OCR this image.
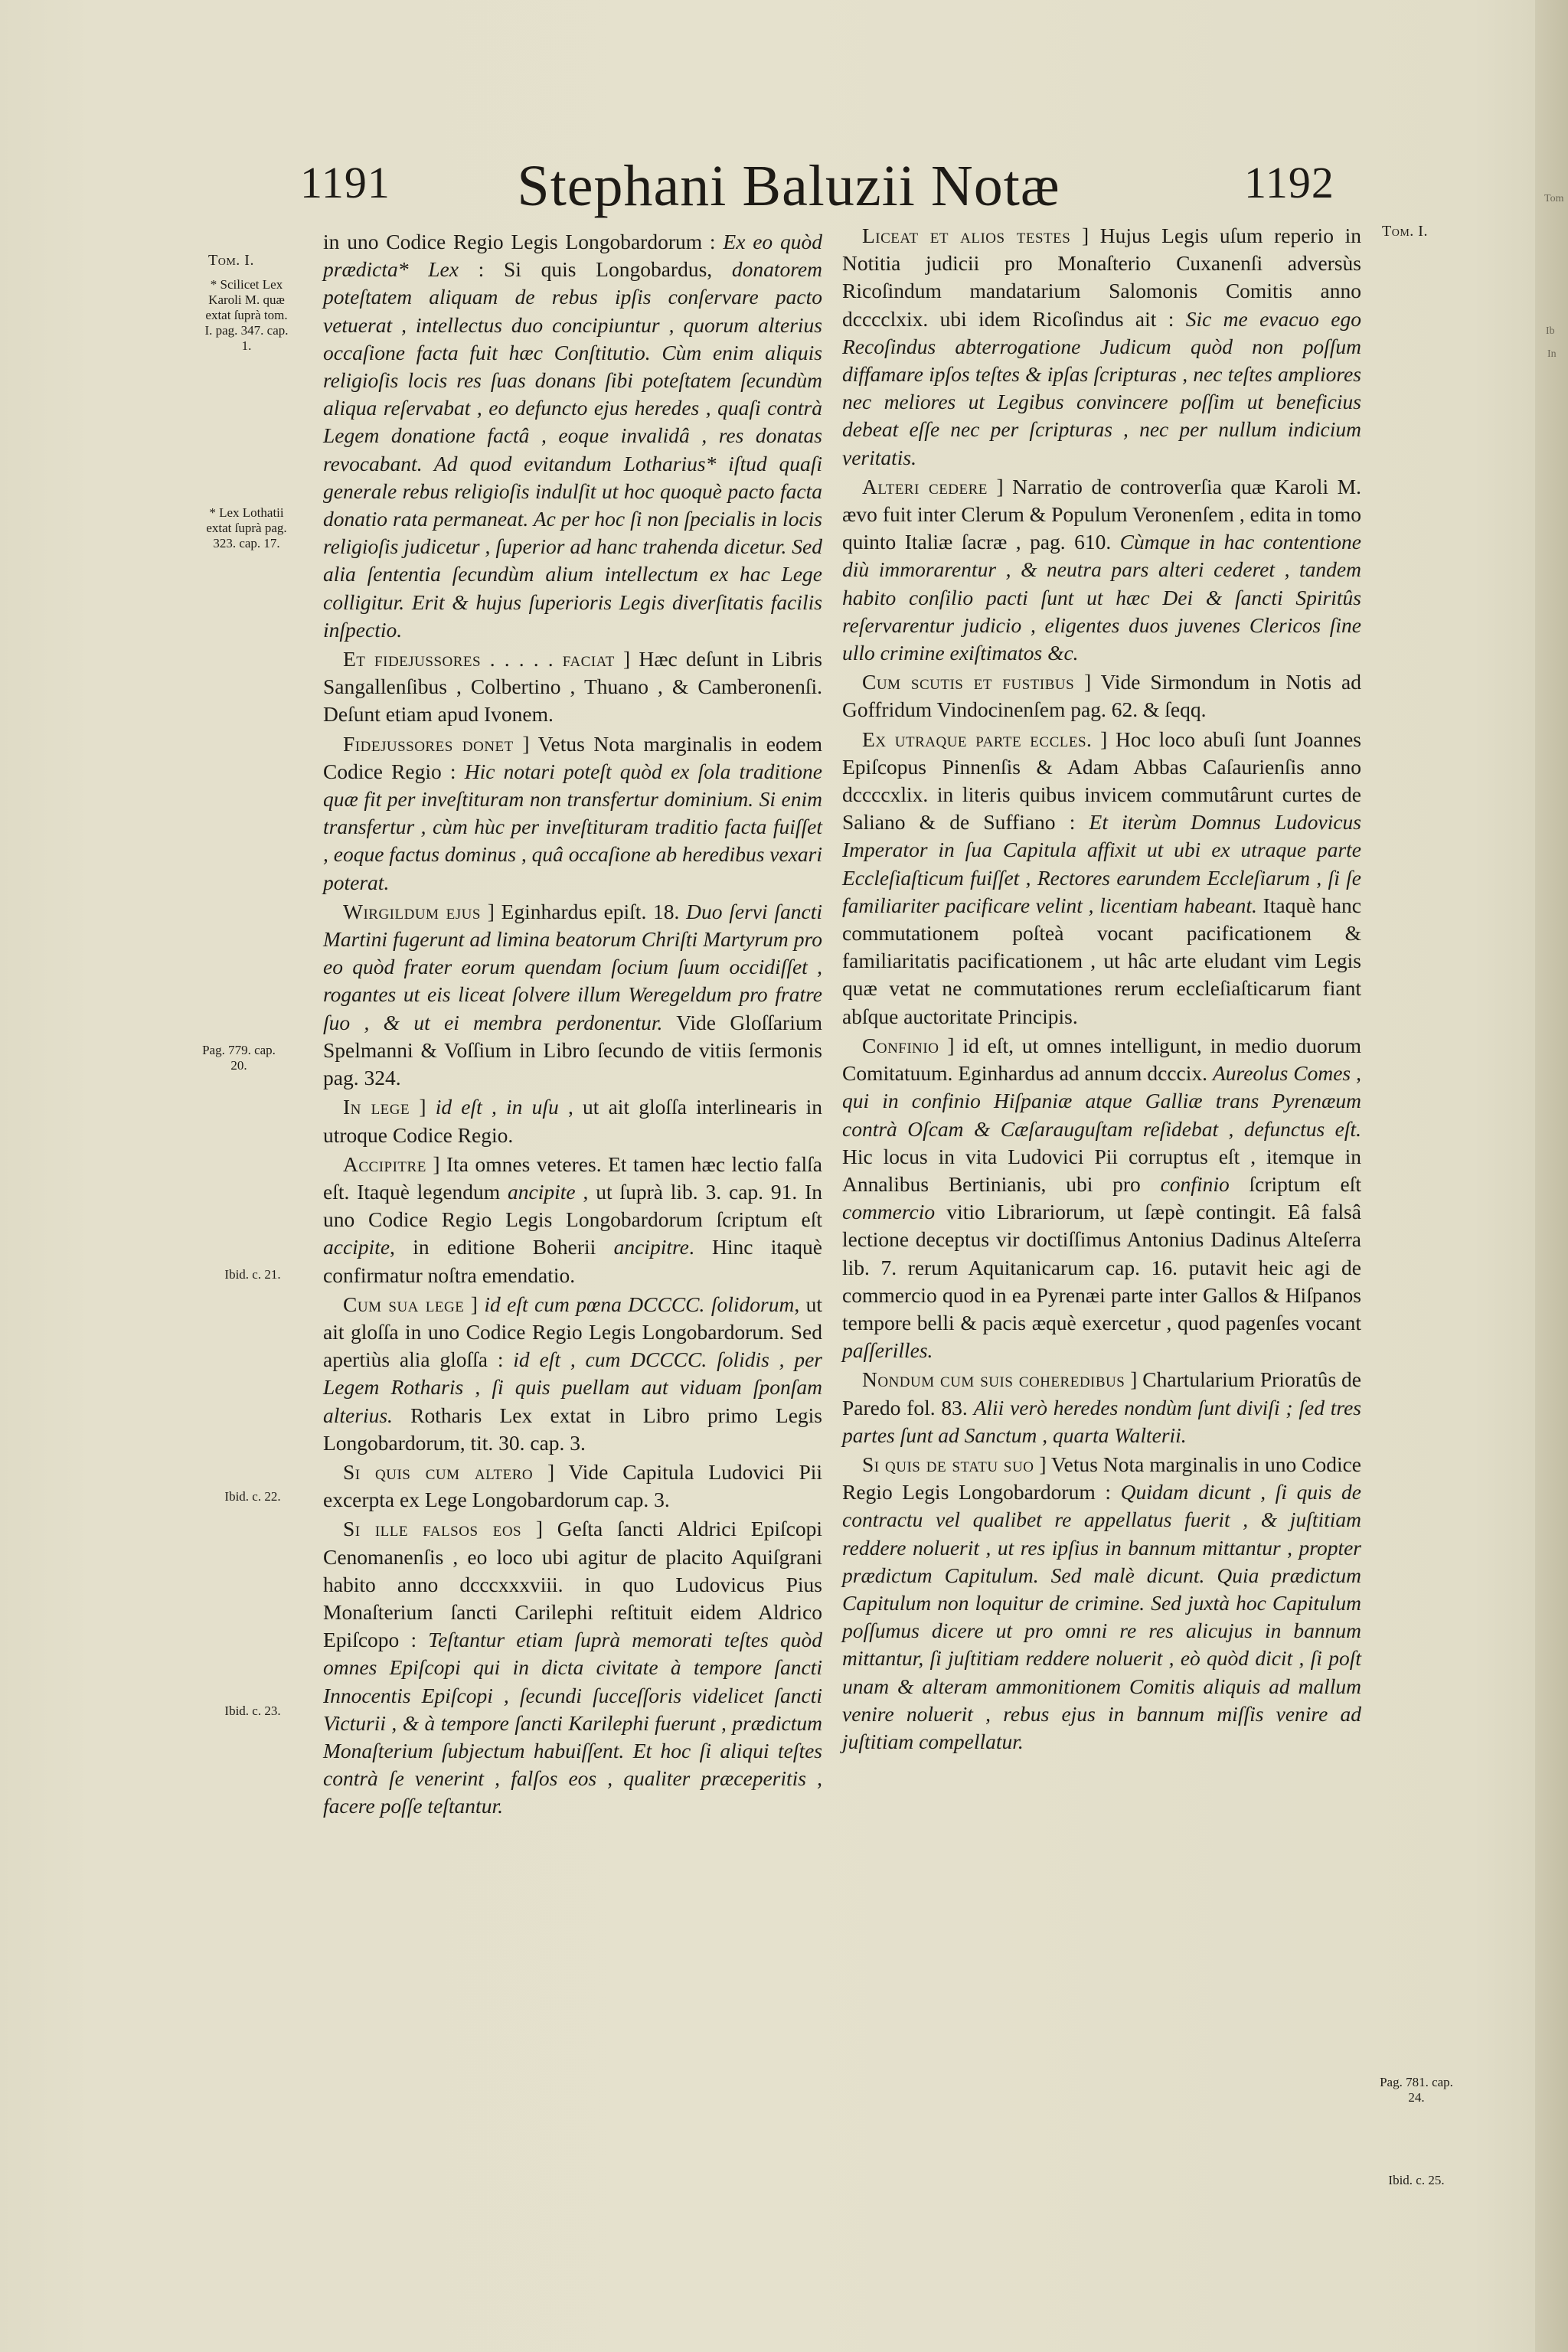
Tom
Ib
In
1191	Stephani Baluzii Notæ	1192
Tom. I.
* Scilicet Lex Karoli M. quæ extat ſuprà tom. I. pag. 347. cap. 1.
* Lex Lothatii extat ſuprà pag. 323. cap. 17.
Pag. 779. cap. 20.
Ibid. c. 21.
Ibid. c. 22.
Ibid. c. 23.
Tom. I.
Pag. 781. cap. 24.
Ibid. c. 25.

in uno Codice Regio Legis Longobardorum : Ex eo quòd prædicta* Lex : Si quis Longobardus, donatorem poteſtatem aliquam de rebus ipſis conſervare pacto vetuerat , intellectus duo concipiuntur , quorum alterius occaſione facta fuit hæc Conſtitutio. Cùm enim aliquis religioſis locis res ſuas donans ſibi poteſtatem ſecundùm aliqua reſervabat , eo defuncto ejus heredes , quaſi contrà Legem donatione factâ , eoque invalidâ , res donatas revocabant. Ad quod evitandum Lotharius* iſtud quaſi generale rebus religioſis indulſit ut hoc quoquè pacto facta donatio rata permaneat. Ac per hoc ſi non ſpecialis in locis religioſis judicetur , ſuperior ad hanc trahenda dicetur. Sed alia ſententia ſecundùm alium intellectum ex hac Lege colligitur. Erit & hujus ſuperioris Legis diverſitatis facilis inſpectio.

Et fidejussores . . . . . faciat ] Hæc deſunt in Libris Sangallenſibus , Colbertino , Thuano , & Camberonenſi. Deſunt etiam apud Ivonem.

Fidejussores donet ] Vetus Nota marginalis in eodem Codice Regio : Hic notari poteſt quòd ex ſola traditione quæ fit per inveſtituram non transfertur dominium. Si enim transfertur , cùm hùc per inveſtituram traditio facta fuiſſet , eoque factus dominus , quâ occaſione ab heredibus vexari poterat.

Wirgildum ejus ] Eginhardus epiſt. 18. Duo ſervi ſancti Martini fugerunt ad limina beatorum Chriſti Martyrum pro eo quòd frater eorum quendam ſocium ſuum occidiſſet , rogantes ut eis liceat ſolvere illum Weregeldum pro fratre ſuo , & ut ei membra perdonentur. Vide Gloſſarium Spelmanni & Voſſium in Libro ſecundo de vitiis ſermonis pag. 324.

In lege ] id eſt , in uſu , ut ait gloſſa interlinearis in utroque Codice Regio.

Accipitre ] Ita omnes veteres. Et tamen hæc lectio falſa eſt. Itaquè legendum ancipite , ut ſuprà lib. 3. cap. 91. In uno Codice Regio Legis Longobardorum ſcriptum eſt accipite, in editione Boherii ancipitre. Hinc itaquè confirmatur noſtra emendatio.

Cum sua lege ] id eſt cum pœna DCCCC. ſolidorum, ut ait gloſſa in uno Codice Regio Legis Longobardorum. Sed apertiùs alia gloſſa : id eſt , cum DCCCC. ſolidis , per Legem Rotharis , ſi quis puellam aut viduam ſponſam alterius. Rotharis Lex extat in Libro primo Legis Longobardorum, tit. 30. cap. 3.

Si quis cum altero ] Vide Capitula Ludovici Pii excerpta ex Lege Longobardorum cap. 3.

Si ille falsos eos ] Geſta ſancti Aldrici Epiſcopi Cenomanenſis , eo loco ubi agitur de placito Aquiſgrani habito anno dcccxxxviii. in quo Ludovicus Pius Monaſterium ſancti Carilephi reſtituit eidem Aldrico Epiſcopo : Teſtantur etiam ſuprà memorati teſtes quòd omnes Epiſcopi qui in dicta civitate à tempore ſancti Innocentis Epiſcopi , ſecundi ſucceſſoris videlicet ſancti Victurii , & à tempore ſancti Karilephi fuerunt , prædictum Monaſterium ſubjectum habuiſſent. Et hoc ſi aliqui teſtes contrà ſe venerint , falſos eos , qualiter præceperitis , facere poſſe teſtantur.

Liceat et alios testes ] Hujus Legis uſum reperio in Notitia judicii pro Monaſterio Cuxanenſi adversùs Ricoſindum mandatarium Salomonis Comitis anno dcccclxix. ubi idem Ricoſindus ait : Sic me evacuo ego Recoſindus abterrogatione Judicum quòd non poſſum diffamare ipſos teſtes & ipſas ſcripturas , nec teſtes ampliores nec meliores ut Legibus convincere poſſim ut beneficius debeat eſſe nec per ſcripturas , nec per nullum indicium veritatis.

Alteri cedere ] Narratio de controverſia quæ Karoli M. ævo fuit inter Clerum & Populum Veronenſem , edita in tomo quinto Italiæ ſacræ , pag. 610. Cùmque in hac contentione diù immorarentur , & neutra pars alteri cederet , tandem habito conſilio pacti ſunt ut hæc Dei & ſancti Spiritûs reſervarentur judicio , eligentes duos juvenes Clericos ſine ullo crimine exiſtimatos &c.

Cum scutis et fustibus ] Vide Sirmondum in Notis ad Goffridum Vindocinenſem pag. 62. & ſeqq.

Ex utraque parte eccles. ] Hoc loco abuſi ſunt Joannes Epiſcopus Pinnenſis & Adam Abbas Caſaurienſis anno dccccxlix. in literis quibus invicem commutârunt curtes de Saliano & de Suffiano : Et iterùm Domnus Ludovicus Imperator in ſua Capitula affixit ut ubi ex utraque parte Eccleſiaſticum fuiſſet , Rectores earundem Eccleſiarum , ſi ſe familiariter pacificare velint , licentiam habeant. Itaquè hanc commutationem poſteà vocant pacificationem & familiaritatis pacificationem , ut hâc arte eludant vim Legis quæ vetat ne commutationes rerum eccleſiaſticarum fiant abſque auctoritate Principis.

Confinio ] id eſt, ut omnes intelligunt, in medio duorum Comitatuum. Eginhardus ad annum dcccix. Aureolus Comes , qui in confinio Hiſpaniæ atque Galliæ trans Pyrenæum contrà Oſcam & Cæſarauguſtam reſidebat , defunctus eſt. Hic locus in vita Ludovici Pii corruptus eſt , itemque in Annalibus Bertinianis, ubi pro confinio ſcriptum eſt commercio vitio Librariorum, ut ſæpè contingit. Eâ falsâ lectione deceptus vir doctiſſimus Antonius Dadinus Alteſerra lib. 7. rerum Aquitanicarum cap. 16. putavit heic agi de commercio quod in ea Pyrenæi parte inter Gallos & Hiſpanos tempore belli & pacis æquè exercetur , quod pagenſes vocant paſſerilles.

Nondum cum suis coheredibus ] Chartularium Prioratûs de Paredo fol. 83. Alii verò heredes nondùm ſunt diviſi ; ſed tres partes ſunt ad Sanctum , quarta Walterii.

Si quis de statu suo ] Vetus Nota marginalis in uno Codice Regio Legis Longobardorum : Quidam dicunt , ſi quis de contractu vel qualibet re appellatus fuerit , & juſtitiam reddere noluerit , ut res ipſius in bannum mittantur , propter prædictum Capitulum. Sed malè dicunt. Quia prædictum Capitulum non loquitur de crimine. Sed juxtà hoc Capitulum poſſumus dicere ut pro omni re res alicujus in bannum mittantur, ſi juſtitiam reddere noluerit , eò quòd dicit , ſi poſt unam & alteram ammonitionem Comitis aliquis ad mallum venire noluerit , rebus ejus in bannum miſſis venire ad juſtitiam compellatur.
